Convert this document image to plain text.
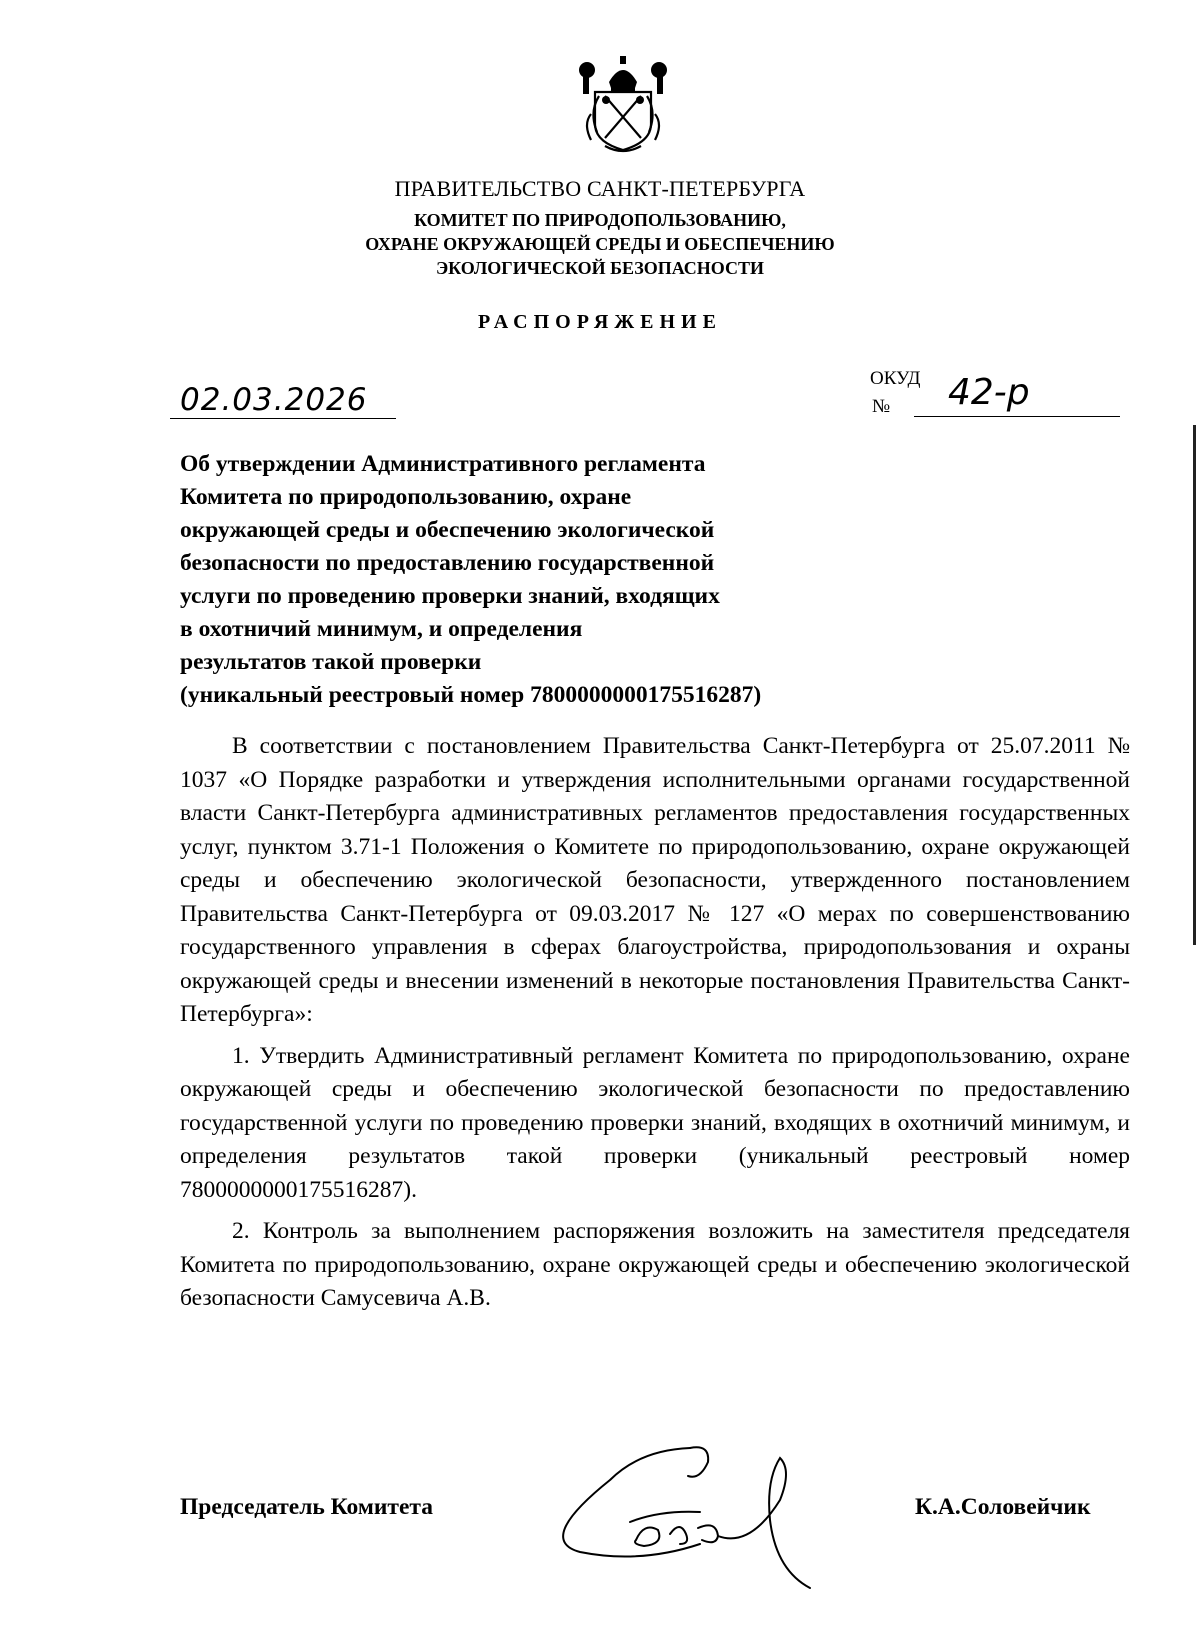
ПРАВИТЕЛЬСТВО САНКТ-ПЕТЕРБУРГА
КОМИТЕТ ПО ПРИРОДОПОЛЬЗОВАНИЮ,
ОХРАНЕ ОКРУЖАЮЩЕЙ СРЕДЫ И ОБЕСПЕЧЕНИЮ
ЭКОЛОГИЧЕСКОЙ БЕЗОПАСНОСТИ
РАСПОРЯЖЕНИЕ
02.03.2026
ОКУД
№ 42-р
Об утверждении Административного регламента
Комитета по природопользованию, охране
окружающей среды и обеспечению экологической
безопасности по предоставлению государственной
услуги по проведению проверки знаний, входящих
в охотничий минимум, и определения
результатов такой проверки
(уникальный реестровый номер 7800000000175516287)

В соответствии с постановлением Правительства Санкт-Петербурга от 25.07.2011 № 1037 «О Порядке разработки и утверждения исполнительными органами государственной власти Санкт-Петербурга административных регламентов предоставления государственных услуг, пунктом 3.71-1 Положения о Комитете по природопользованию, охране окружающей среды и обеспечению экологической безопасности, утвержденного постановлением Правительства Санкт-Петербурга от 09.03.2017 № 127 «О мерах по совершенствованию государственного управления в сферах благоустройства, природопользования и охраны окружающей среды и внесении изменений в некоторые постановления Правительства Санкт-Петербурга»:

1. Утвердить Административный регламент Комитета по природопользованию, охране окружающей среды и обеспечению экологической безопасности по предоставлению государственной услуги по проведению проверки знаний, входящих в охотничий минимум, и определения результатов такой проверки (уникальный реестровый номер 7800000000175516287).

2. Контроль за выполнением распоряжения возложить на заместителя председателя Комитета по природопользованию, охране окружающей среды и обеспечению экологической безопасности Самусевича А.В.

Председатель Комитета	К.А.Соловейчик
